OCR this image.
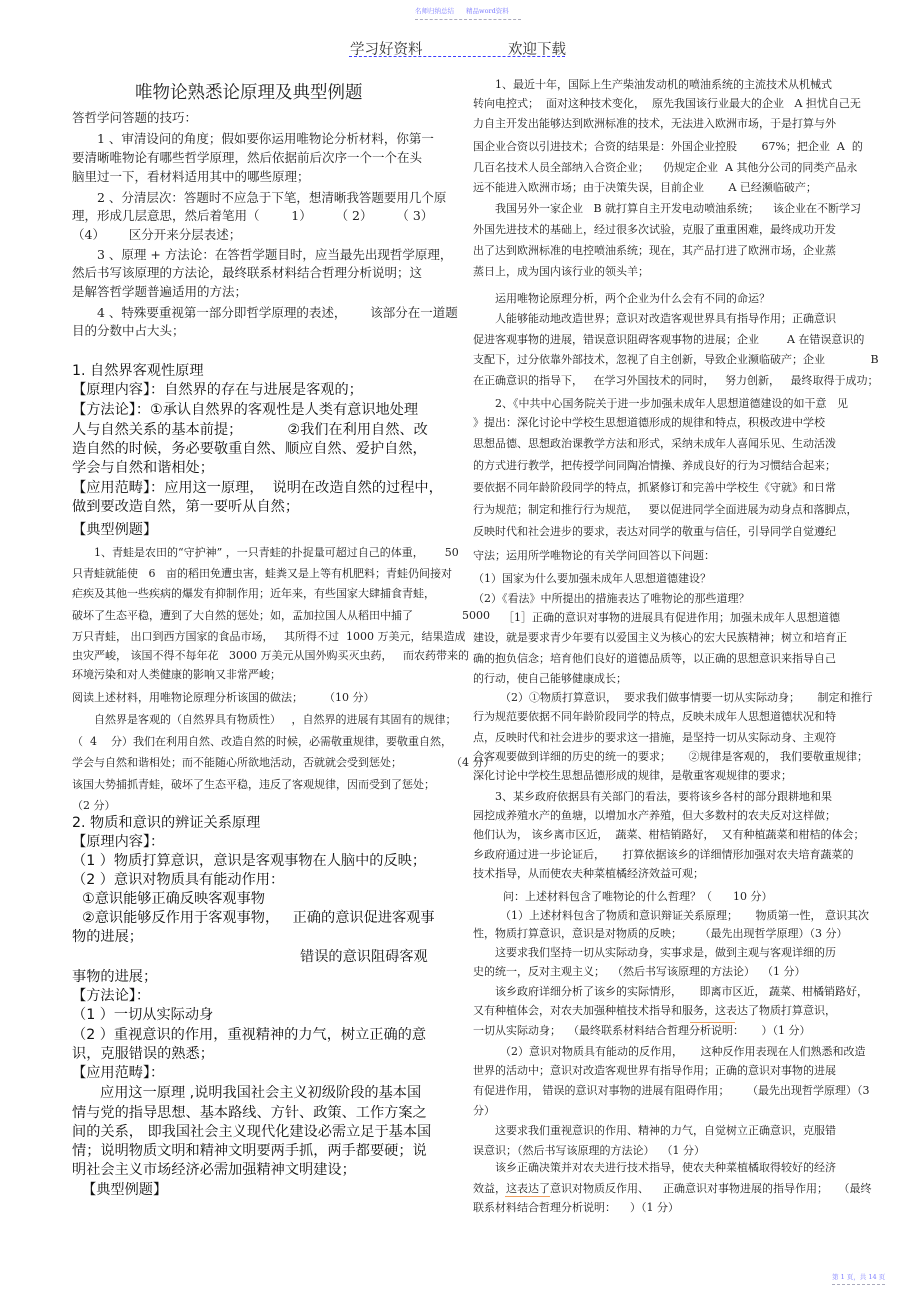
名师归纳总结 精品word资料
学习好资料	欢迎下载
唯物论熟悉论原理及典型例题
答哲学问答题的技巧：
1 、审清设问的角度；假如要你运用唯物论分析材料，你第一
要清晰唯物论有哪些哲学原理，然后依据前后次序一个一个在头
脑里过一下，看材料适用其中的哪些原理；
2 、分清层次：答题时不应急于下笔，想清晰我答题要用几个原
理，形成几层意思，然后着笔用（        1）      （ 2）      （ 3）
（4）      区分开来分层表述；
3 、原理 + 方法论：在答哲学题目时，应当最先出现哲学原理，
然后书写该原理的方法论，最终联系材料结合哲理分析说明；这
是解答哲学题普遍适用的方法；
4 、特殊要重视第一部分即哲学原理的表述，      该部分在一道题
目的分数中占大头；
1. 自然界客观性原理
【原理内容】：自然界的存在与进展是客观的；
【方法论】：①承认自然界的客观性是人类有意识地处理
人与自然关系的基本前提；          ②我们在利用自然、改
造自然的时候，务必要敬重自然、顺应自然、爱护自然，
学会与自然和谐相处；
【应用范畴】：应用这一原理，  说明在改造自然的过程中，
做到要改造自然，第一要听从自然；
【典型例题】
1、青蛙是农田的“守护神” ，一只青蛙的扑捉量可超过自己的体重，      50
只青蛙就能使   6   亩的稻田免遭虫害，蛙粪又是上等有机肥料；青蛙仍间接对
疟疾及其他一些疾病的爆发有抑制作用；近年来，有些国家大肆捕食青蛙，
破坏了生态平稳，遭到了大自然的惩处；如，孟加拉国人从稻田中捕了              5000
万只青蛙， 出口到西方国家的食品市场，   其所得不过  1000 万美元，结果造成
虫灾严峻， 该国不得不每年花   3000 万美元从国外购买灭虫药，   而农药带来的
环境污染和对人类健康的影响又非常严峻；
阅读上述材料，用唯物论原理分析该国的做法；      （10 分）
自然界是客观的（自然界具有物质性）   ，自然界的进展有其固有的规律；
（  4    分）我们在利用自然、改造自然的时候，必需敬重规律，要敬重自然，
学会与自然和谐相处；而不能随心所欲地活动，否就就会受到惩处；              （4 分）
该国大势捕抓青蛙，破坏了生态平稳，违反了客观规律，因而受到了惩处；
（2 分）
2. 物质和意识的辨证关系原理
【原理内容】：
（1 ）物质打算意识，意识是客观事物在人脑中的反映；
（2 ）意识对物质具有能动作用：
①意识能够正确反映客观事物
②意识能够反作用于客观事物，   正确的意识促进客观事
物的进展；
错误的意识阻碍客观
事物的进展；
【方法论】：
（1 ）一切从实际动身
（2 ）重视意识的作用，重视精神的力气，树立正确的意
识，克服错误的熟悉；
【应用范畴】：
应用这一原理 ,说明我国社会主义初级阶段的基本国
情与党的指导思想、基本路线、方针、政策、工作方案之
间的关系， 即我国社会主义现代化建设必需立足于基本国
情；说明物质文明和精神文明要两手抓，两手都要硬；说
明社会主义市场经济必需加强精神文明建设；
【典型例题】
1、最近十年，国际上生产柴油发动机的喷油系统的主流技术从机械式
转向电控式；  面对这种技术变化，  原先我国该行业最大的企业   A 担忧自己无
力自主开发出能够达到欧洲标准的技术，无法进入欧洲市场，于是打算与外
国企业合资以引进技术；合资的结果是：外国企业控股       67%；把企业  A  的
几百名技术人员全部纳入合资企业；    仍规定企业  A 其他分公司的同类产品永
远不能进入欧洲市场；由于决策失误，目前企业       A 已经濒临破产；
我国另外一家企业   B 就打算自主开发电动喷油系统；    该企业在不断学习
外国先进技术的基础上，经过很多次试验，克服了重重困难，最终成功开发
出了达到欧洲标准的电控喷油系统；现在，其产品打进了欧洲市场，企业蒸
蒸日上，成为国内该行业的领头羊；
运用唯物论原理分析，两个企业为什么会有不同的命运？
人能够能动地改造世界；意识对改造客观世界具有指导作用；正确意识
促进客观事物的进展，错误意识阻碍客观事物的进展；企业        A 在错误意识的
支配下，过分依靠外部技术，忽视了自主创新，导致企业濒临破产；企业             B
在正确意识的指导下，   在学习外国技术的同时，   努力创新，   最终取得于成功；
2、《中共中心国务院关于进一步加强未成年人思想道德建设的如干意   见
》提出：深化讨论中学校生思想道德形成的规律和特点，积极改进中学校
思想品德、思想政治课教学方法和形式，采纳未成年人喜闻乐见、生动活泼
的方式进行教学，把传授学问同陶冶情操、养成良好的行为习惯结合起来；
要依据不同年龄阶段同学的特点，抓紧修订和完善中学校生《守就》和日常
行为规范；制定和推行行为规范，   要以促进同学全面进展为动身点和落脚点，
反映时代和社会进步的要求，表达对同学的敬重与信任，引导同学自觉遵纪
守法；运用所学唯物论的有关学问回答以下问题：
（1）国家为什么要加强未成年人思想道德建设？
（2）《看法》中所提出的措施表达了唯物论的那些道理？
［1］正确的意识对事物的进展具有促进作用；加强未成年人思想道德
建设，就是要求青少年要有以爱国主义为核心的宏大民族精神；树立和培育正
确的抱负信念；培育他们良好的道德品质等，以正确的思想意识来指导自己
的行动，使自己能够健康成长；
（2）①物质打算意识，  要求我们做事情要一切从实际动身；     制定和推行
行为规范要依据不同年龄阶段同学的特点，反映未成年人思想道德状况和特
点，反映时代和社会进步的要求这一措施，是坚持一切从实际动身、主观符
合客观要做到详细的历史的统一的要求；     ②规律是客观的， 我们要敬重规律；
深化讨论中学校生思想品德形成的规律，是敬重客观规律的要求；
3、某乡政府依据县有关部门的看法，要将该乡各村的部分跟耕地和果
园挖成养殖水产的鱼塘，以增加水产养殖，但大多数村的农夫反对这样做；
他们认为， 该乡离市区近，  蔬菜、柑桔销路好，  又有种植蔬菜和柑桔的体会；
乡政府通过进一步论证后，     打算依据该乡的详细情形加强对农夫培育蔬菜的
技术指导，从而使农夫种菜植橘经济效益可观；
问：上述材料包含了唯物论的什么哲理？（      10 分）
（1）上述材料包含了物质和意识辩证关系原理；     物质第一性， 意识其次
性，物质打算意识，意识是对物质的反映；     （最先出现哲学原理）（3 分）
这要求我们坚持一切从实际动身，实事求是，做到主观与客观详细的历
史的统一，反对主观主义；  （然后书写该原理的方法论）  （1 分）
该乡政府详细分析了该乡的实际情形，     即离市区近， 蔬菜、柑橘销路好，
又有种植体会，对农夫加强种植技术指导和服务，这表达了物质打算意识，
一切从实际动身；  （最终联系材料结合哲理分析说明：     ）（1 分）
（2）意识对物质具有能动的反作用，     这种反作用表现在人们熟悉和改造
世界的活动中；意识对改造客观世界有指导作用；正确的意识对事物的进展
有促进作用， 错误的意识对事物的进展有阻碍作用；     （最先出现哲学原理）（3
分）
这要求我们重视意识的作用、精神的力气，自觉树立正确意识，克服错
误意识；（然后书写该原理的方法论）  （1 分）
该乡正确决策并对农夫进行技术指导，使农夫种菜植橘取得较好的经济
效益，这表达了意识对物质反作用、    正确意识对事物进展的指导作用；   （最终
联系材料结合哲理分析说明：    ）（1 分）
第 1 页，共 14 页
